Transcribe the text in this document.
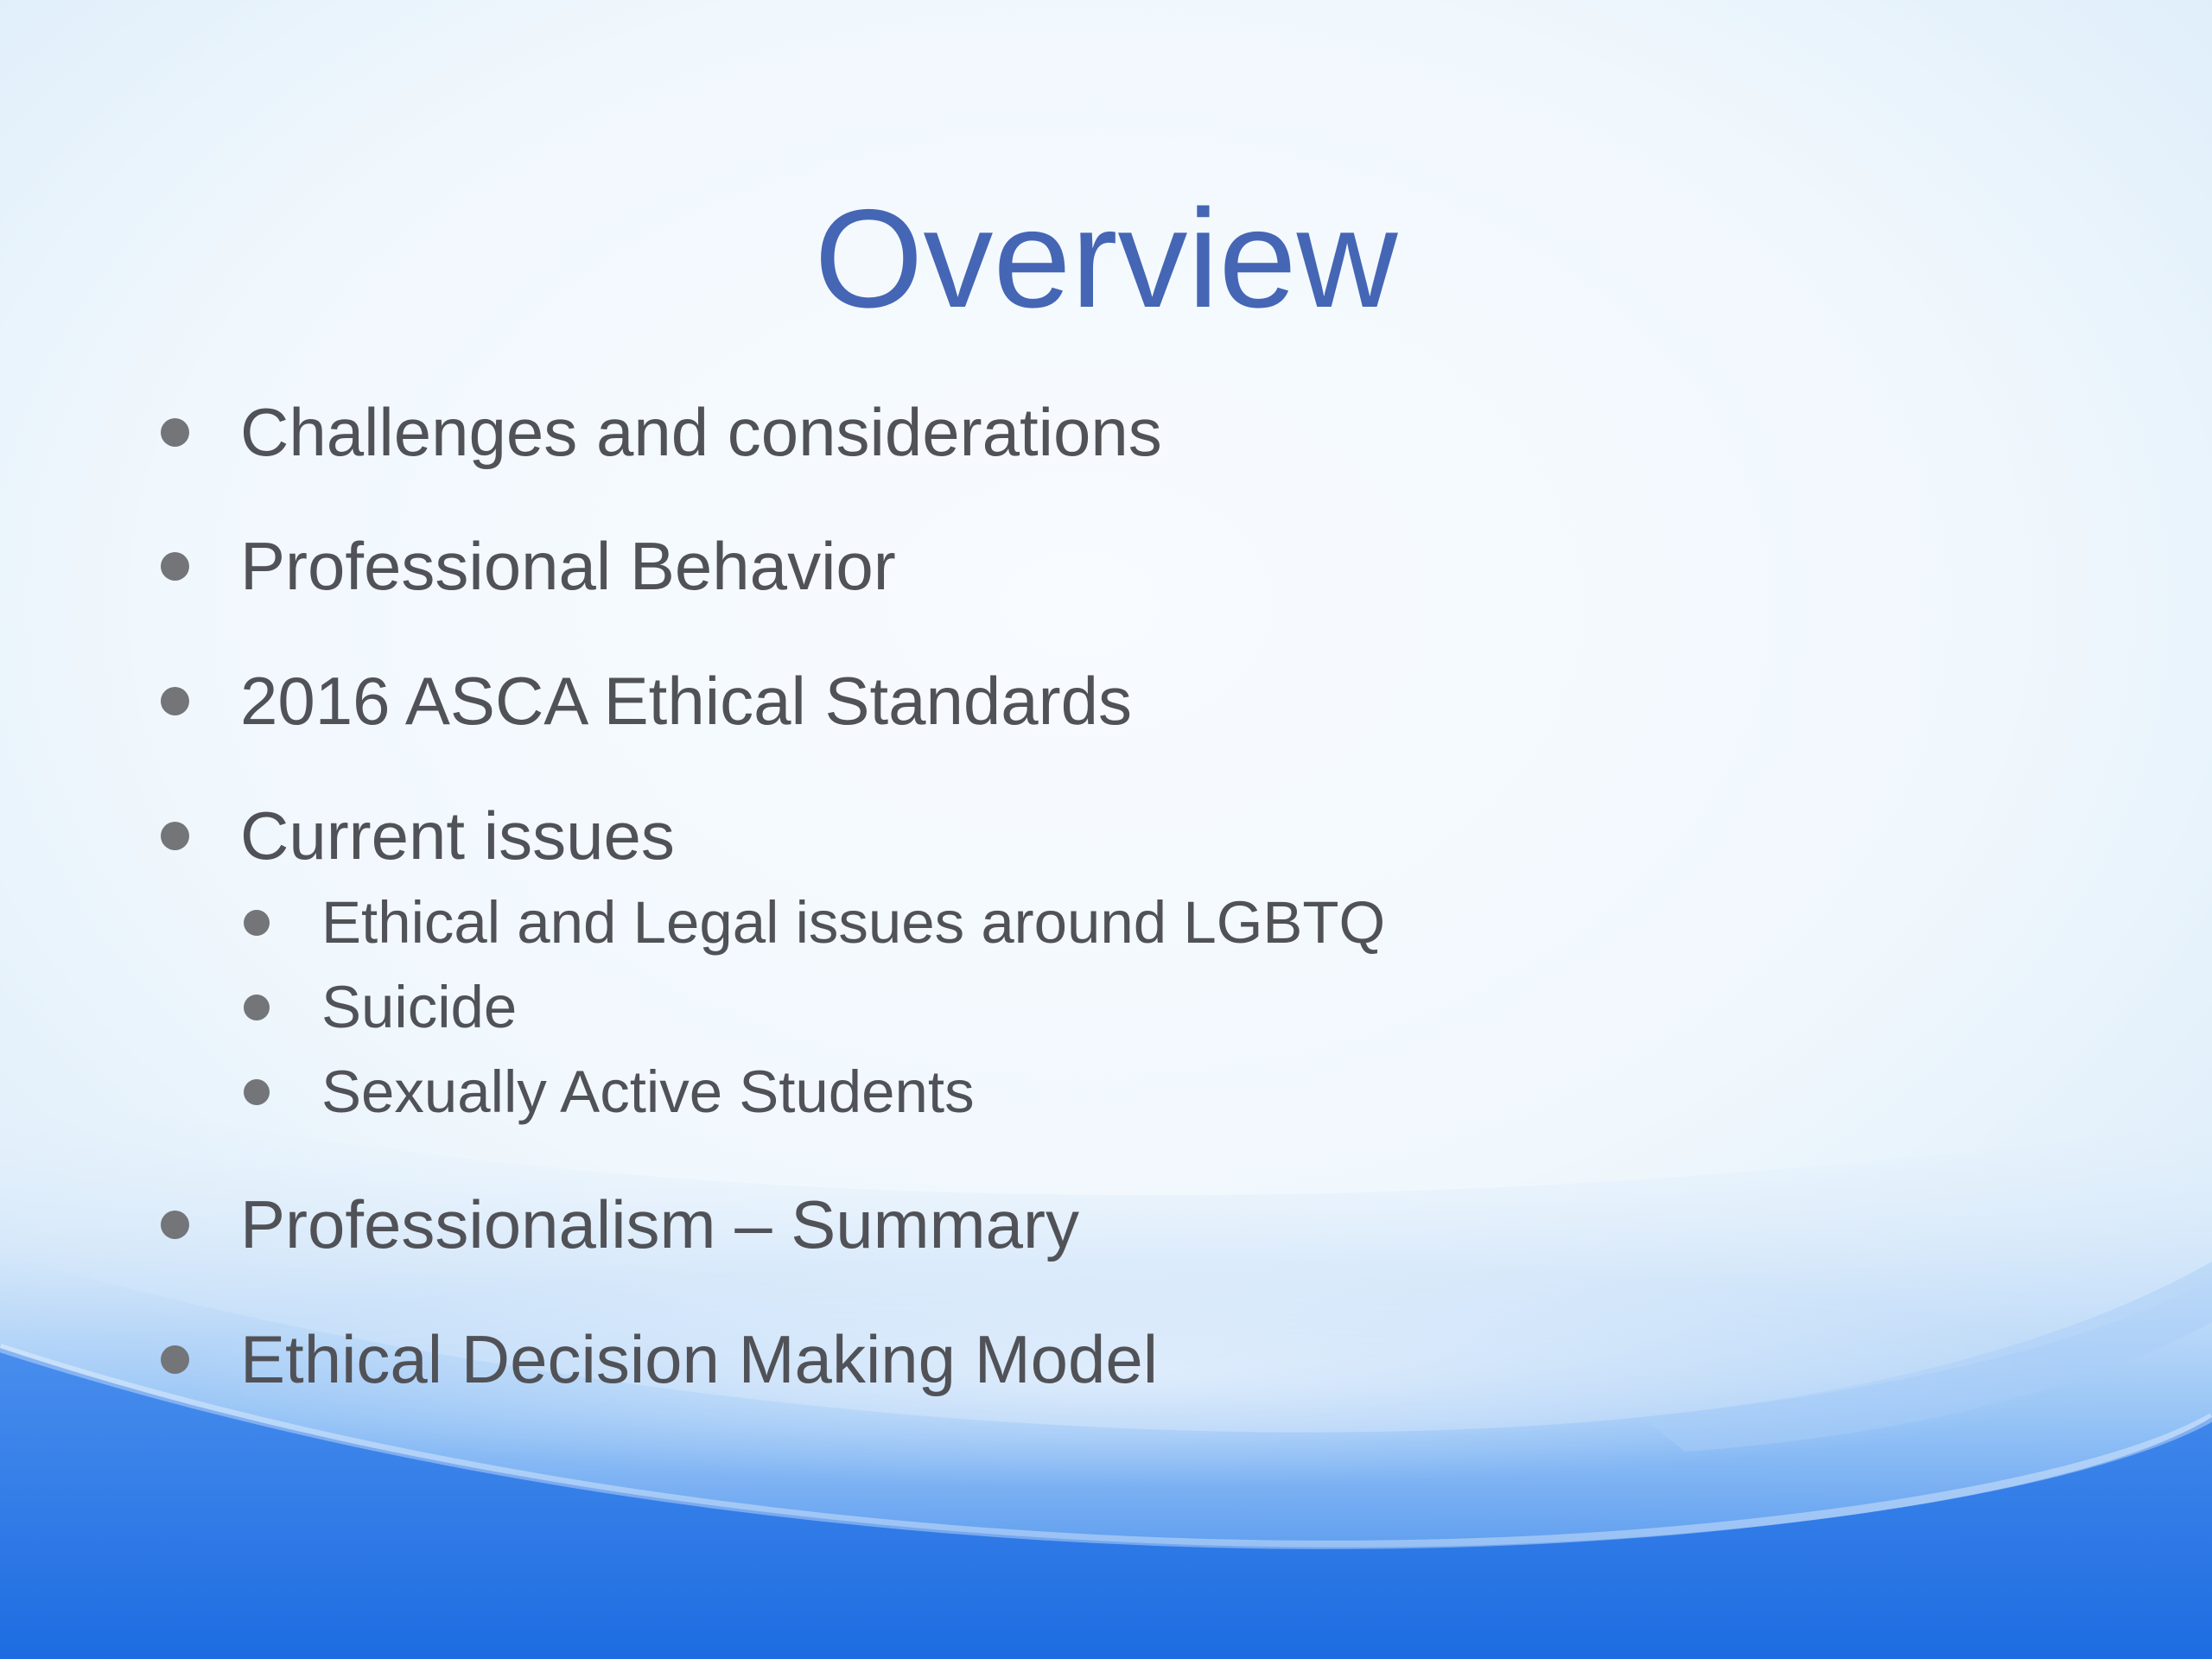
Overview
Challenges and considerations
Professional Behavior
2016 ASCA Ethical Standards
Current issues
Ethical and Legal issues around LGBTQ
Suicide
Sexually Active Students
Professionalism – Summary
Ethical Decision Making Model
